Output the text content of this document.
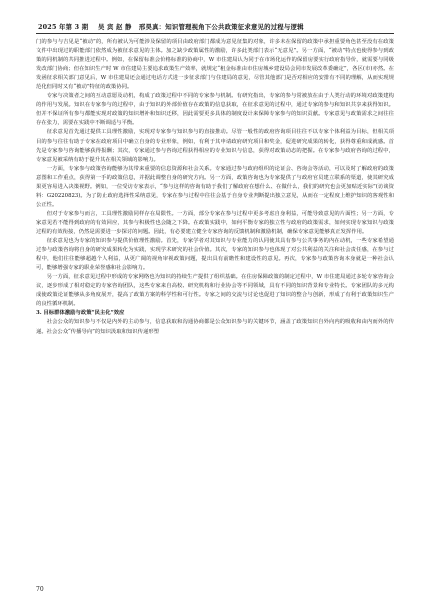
2025 年第 3 期 吴 宾 赵 静 邢昊真：知识管理视角下公共政策征求意见的过程与逻辑

门的参与与吉见是“被动”的，所有被认为可能涉及保留的项目由政府部门都成为意见征集的对象，许多未在保留的政策中承担重要角色甚至没有在政策文件中出现过的职能部门依然成为被征求意见的主体。加之缺少政策属性的激励，许多此类部门表示“无意见”。另一方面，“被动”特点也使得参与到政策的同机制的共同推进过程中。例如，在保留标准会价格标准的协商中，W 市住建局认为同于在市场化运作的保留房要实行政府指导价，就需要与同级发改部门协商；但在知识生产时 W 市住建局主要追求政策生产效率，就规定“租金标准由市住房城乡建设局会同市发展改革委确定”，各区(市)亦然。在发函征求相关部门意见后，W 市住建局还会通过电话方式进一步征求部门与住建局的意见，尽管其他部门是否对相应的安排有不同的理解，从而实现规范化但同时又有“被动”特征的政策协同。

专家与决策者之间的互动意愿及动机，构成了政策过程中不同的专家参与机制。有研究指出，专家的参与常被放在由于人类行动的环境对政策建构的作用与发展。知识在专家参与的过程中，由于知识的外部价值存在政策的信息获取，在征求意见的过程中，通过专家的参与和知识共享来获得知识。但并不保证所有参与都能实现对政策的知识增补和知识迁移，因此需要更多具体的制度设计来保障专家参与的知识贡献。专家意见与政策需求之间往往存在张力，需要在实践中不断调适与平衡。

征求意见首先通过提供工具理性激励，实现对专家参与知识参与的直接推动。尽管一般性的政府咨询项目往往不以专家个体利益为目标，但相关项目的参与往往有助于专家在政府项目中确立自身的专业形象，例如，有利于其申请政府研究项目和奖金，促进研究成果的转化，获得尊重和成就感。首先是专家参与咨询能够获得报酬；其次，专家通过参与咨询过程获得相应的专业知识与信息，获得对政策动态的把握。在专家参与政府咨询的过程中，专家意见被采纳有助于提升其在相关领域的影响力。

一方面，专家参与政策咨询能够为其带来重要的信息资源和社会关系。专家通过参与政府组织的论证会、咨询会等活动，可以及时了解政府的政策意图和工作重点，获得第一手的政策信息，并据此调整自身的研究方向。另一方面，政策咨询也为专家提供了与政府官员建立联系的渠道，使其研究成果更容易进入决策视野。例如，一位受访专家表示，“参与这样的咨询有助于我们了解政府在想什么、在做什么，我们的研究也会更加贴近实际”(访谈资料：G20220823)。为了防止政府选择性采纳意见，专家在参与过程中往往会基于自身专业判断提出独立意见，从而在一定程度上维护知识的客观性和公正性。

但对于专家参与而言，工具理性激励同样存在局限性。一方面，部分专家在参与过程中更多考虑自身利益，可能导致意见的片面性；另一方面，专家意见若不能得到政府的有效回应，其参与积极性也会随之下降。在政策实践中，如何平衡专家的独立性与政府的政策需求，如何实现专家知识与政策过程的有效衔接，仍然是需要进一步探讨的问题。因此，有必要建立健全专家咨询的反馈机制和激励机制，确保专家意见能够真正发挥作用。

征求意见也为专家的知识参与提供价值理性激励。首先，专家学者对其知识与专业能力的认同使其具有参与公共事务的内在动机，一些专家希望通过参与政策咨询将自身的研究成果转化为实践，实现学术研究的社会价值。其次，专家的知识参与也体现了对公共利益的关注和社会责任感，在参与过程中，他们往往能够超越个人利益，从更广阔的视角审视政策问题，提出具有前瞻性和建设性的意见。再次，专家参与政策咨询本身就是一种社会认可，能够增强专家的职业荣誉感和社会影响力。

另一方面，征求意见过程中形成的专家网络也为知识的持续生产提供了组织基础。在住房保障政策的制定过程中，W 市住建局通过多轮专家咨询会议，逐步形成了相对稳定的专家咨询团队，这些专家来自高校、研究机构和行业协会等不同领域，具有不同的知识背景和专业特长。专家团队的多元构成使政策论证能够从多角度展开，提高了政策方案的科学性和可行性。专家之间的交流与讨论也促进了知识的整合与创新，形成了有利于政策知识生产的良性循环机制。

3. 目标群体激励与政策“民主化”效应

社会公众的知识参与不仅是内外的主动参与，信息获取和沟通协商都是公众知识参与的关键环节，涵盖了政策知识自外向内的吸收和由内而外的传递。社会公众“传播导向”的知识汲取和知识传递形塑

70
